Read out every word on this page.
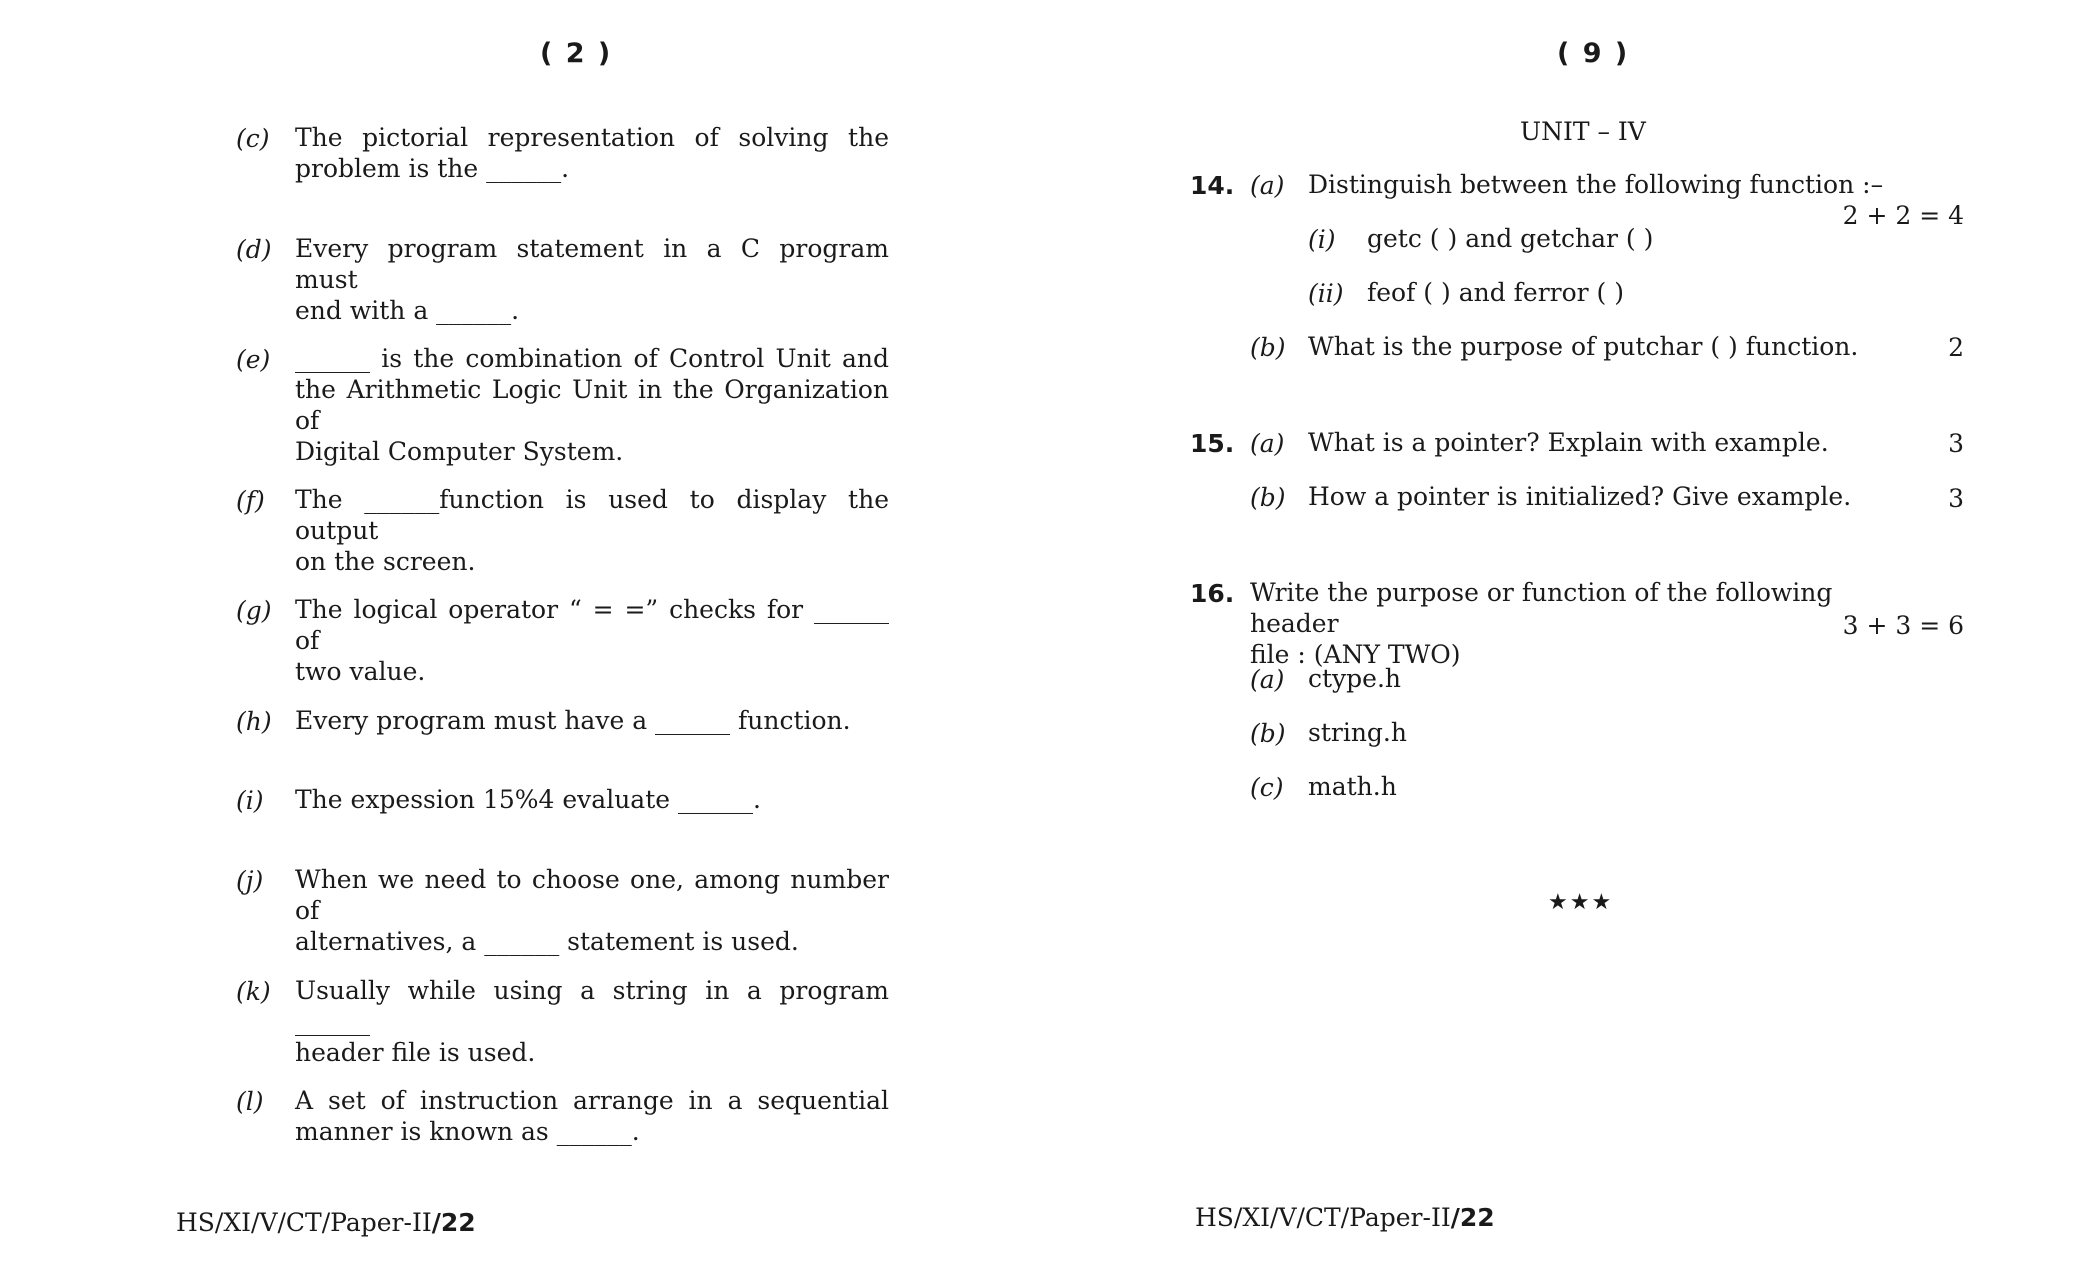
( 2 )
(c) The pictorial representation of solving the
problem is the ______.
(d) Every program statement in a C program must
end with a ______.
(e) ______ is the combination of Control Unit and
the Arithmetic Logic Unit in the Organization of
Digital Computer System.
(f) The ______function is used to display the output
on the screen.
(g) The logical operator “ = =” checks for ______ of
two value.
(h) Every program must have a ______ function.
(i) The expession 15%4 evaluate ______.
(j) When we need to choose one, among number of
alternatives, a ______ statement is used.
(k) Usually while using a string in a program ______
header file is used.
(l) A set of instruction arrange in a sequential
manner is known as ______.
HS/XI/V/CT/Paper-II/22
( 9 )
UNIT – IV
14. (a) Distinguish between the following function :–
2 + 2 = 4
(i) getc ( ) and getchar ( )
(ii) feof ( ) and ferror ( )
(b) What is the purpose of putchar ( ) function.	2
15. (a) What is a pointer? Explain with example.	3
(b) How a pointer is initialized? Give example.	3
16. Write the purpose or function of the following header
file : (ANY TWO)
3 + 3 = 6
(a) ctype.h
(b) string.h
(c) math.h
★★★
HS/XI/V/CT/Paper-II/22
